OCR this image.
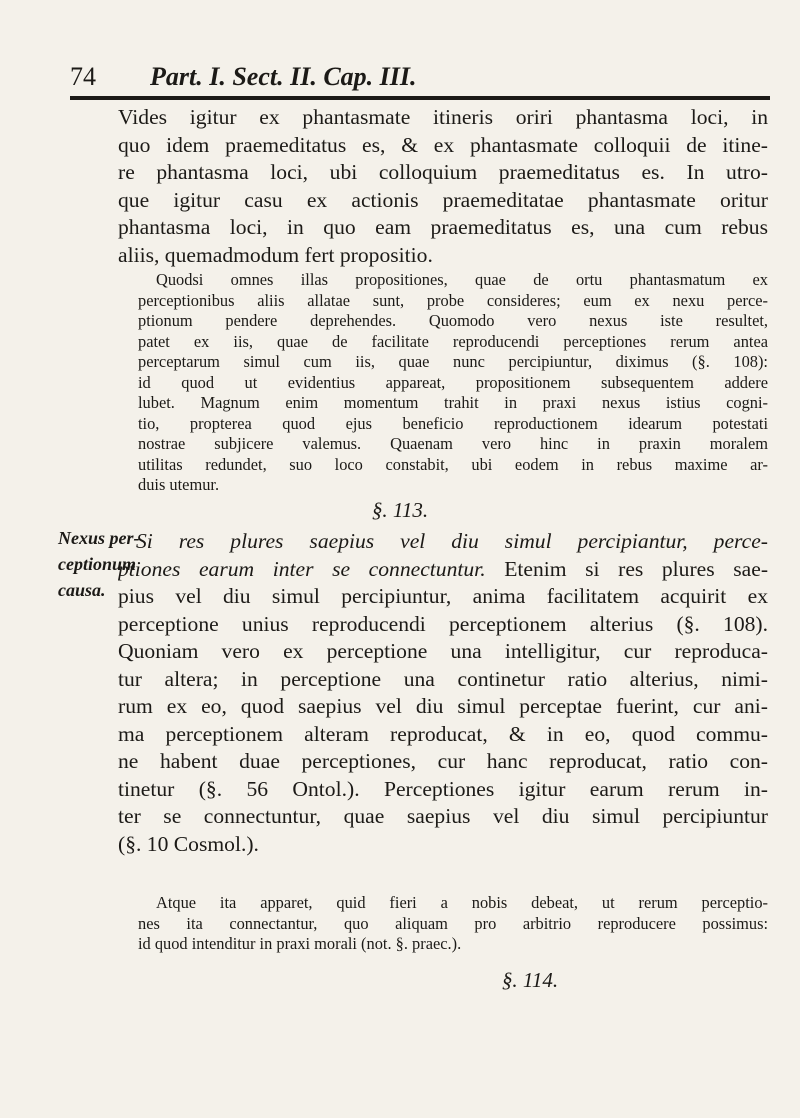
74 Part. I. Sect. II. Cap. III.
Vides igitur ex phantasmate itineris oriri phantasma loci, in
quo idem praemeditatus es, & ex phantasmate colloquii de itine-
re phantasma loci, ubi colloquium praemeditatus es. In utro-
que igitur casu ex actionis praemeditatae phantasmate oritur
phantasma loci, in quo eam praemeditatus es, una cum rebus
aliis, quemadmodum fert propositio.
Quodsi omnes illas propositiones, quae de ortu phantasmatum ex
perceptionibus aliis allatae sunt, probe consideres; eum ex nexu perce-
ptionum pendere deprehendes. Quomodo vero nexus iste resultet,
patet ex iis, quae de facilitate reproducendi perceptiones rerum antea
perceptarum simul cum iis, quae nunc percipiuntur, diximus (§. 108):
id quod ut evidentius appareat, propositionem subsequentem addere
lubet. Magnum enim momentum trahit in praxi nexus istius cogni-
tio, propterea quod ejus beneficio reproductionem idearum potestati
nostrae subjicere valemus. Quaenam vero hinc in praxin moralem
utilitas redundet, suo loco constabit, ubi eodem in rebus maxime ar-
duis utemur.
§. 113.
Nexus per-
ceptionum
causa.
Si res plures saepius vel diu simul percipiantur, perce-
ptiones earum inter se connectuntur. Etenim si res plures sae-
pius vel diu simul percipiuntur, anima facilitatem acquirit ex
perceptione unius reproducendi perceptionem alterius (§. 108).
Quoniam vero ex perceptione una intelligitur, cur reproduca-
tur altera; in perceptione una continetur ratio alterius, nimi-
rum ex eo, quod saepius vel diu simul perceptae fuerint, cur ani-
ma perceptionem alteram reproducat, & in eo, quod commu-
ne habent duae perceptiones, cur hanc reproducat, ratio con-
tinetur (§. 56 Ontol.). Perceptiones igitur earum rerum in-
ter se connectuntur, quae saepius vel diu simul percipiuntur
(§. 10 Cosmol.).
Atque ita apparet, quid fieri a nobis debeat, ut rerum perceptio-
nes ita connectantur, quo aliquam pro arbitrio reproducere possimus:
id quod intenditur in praxi morali (not. §. praec.).
§. 114.
